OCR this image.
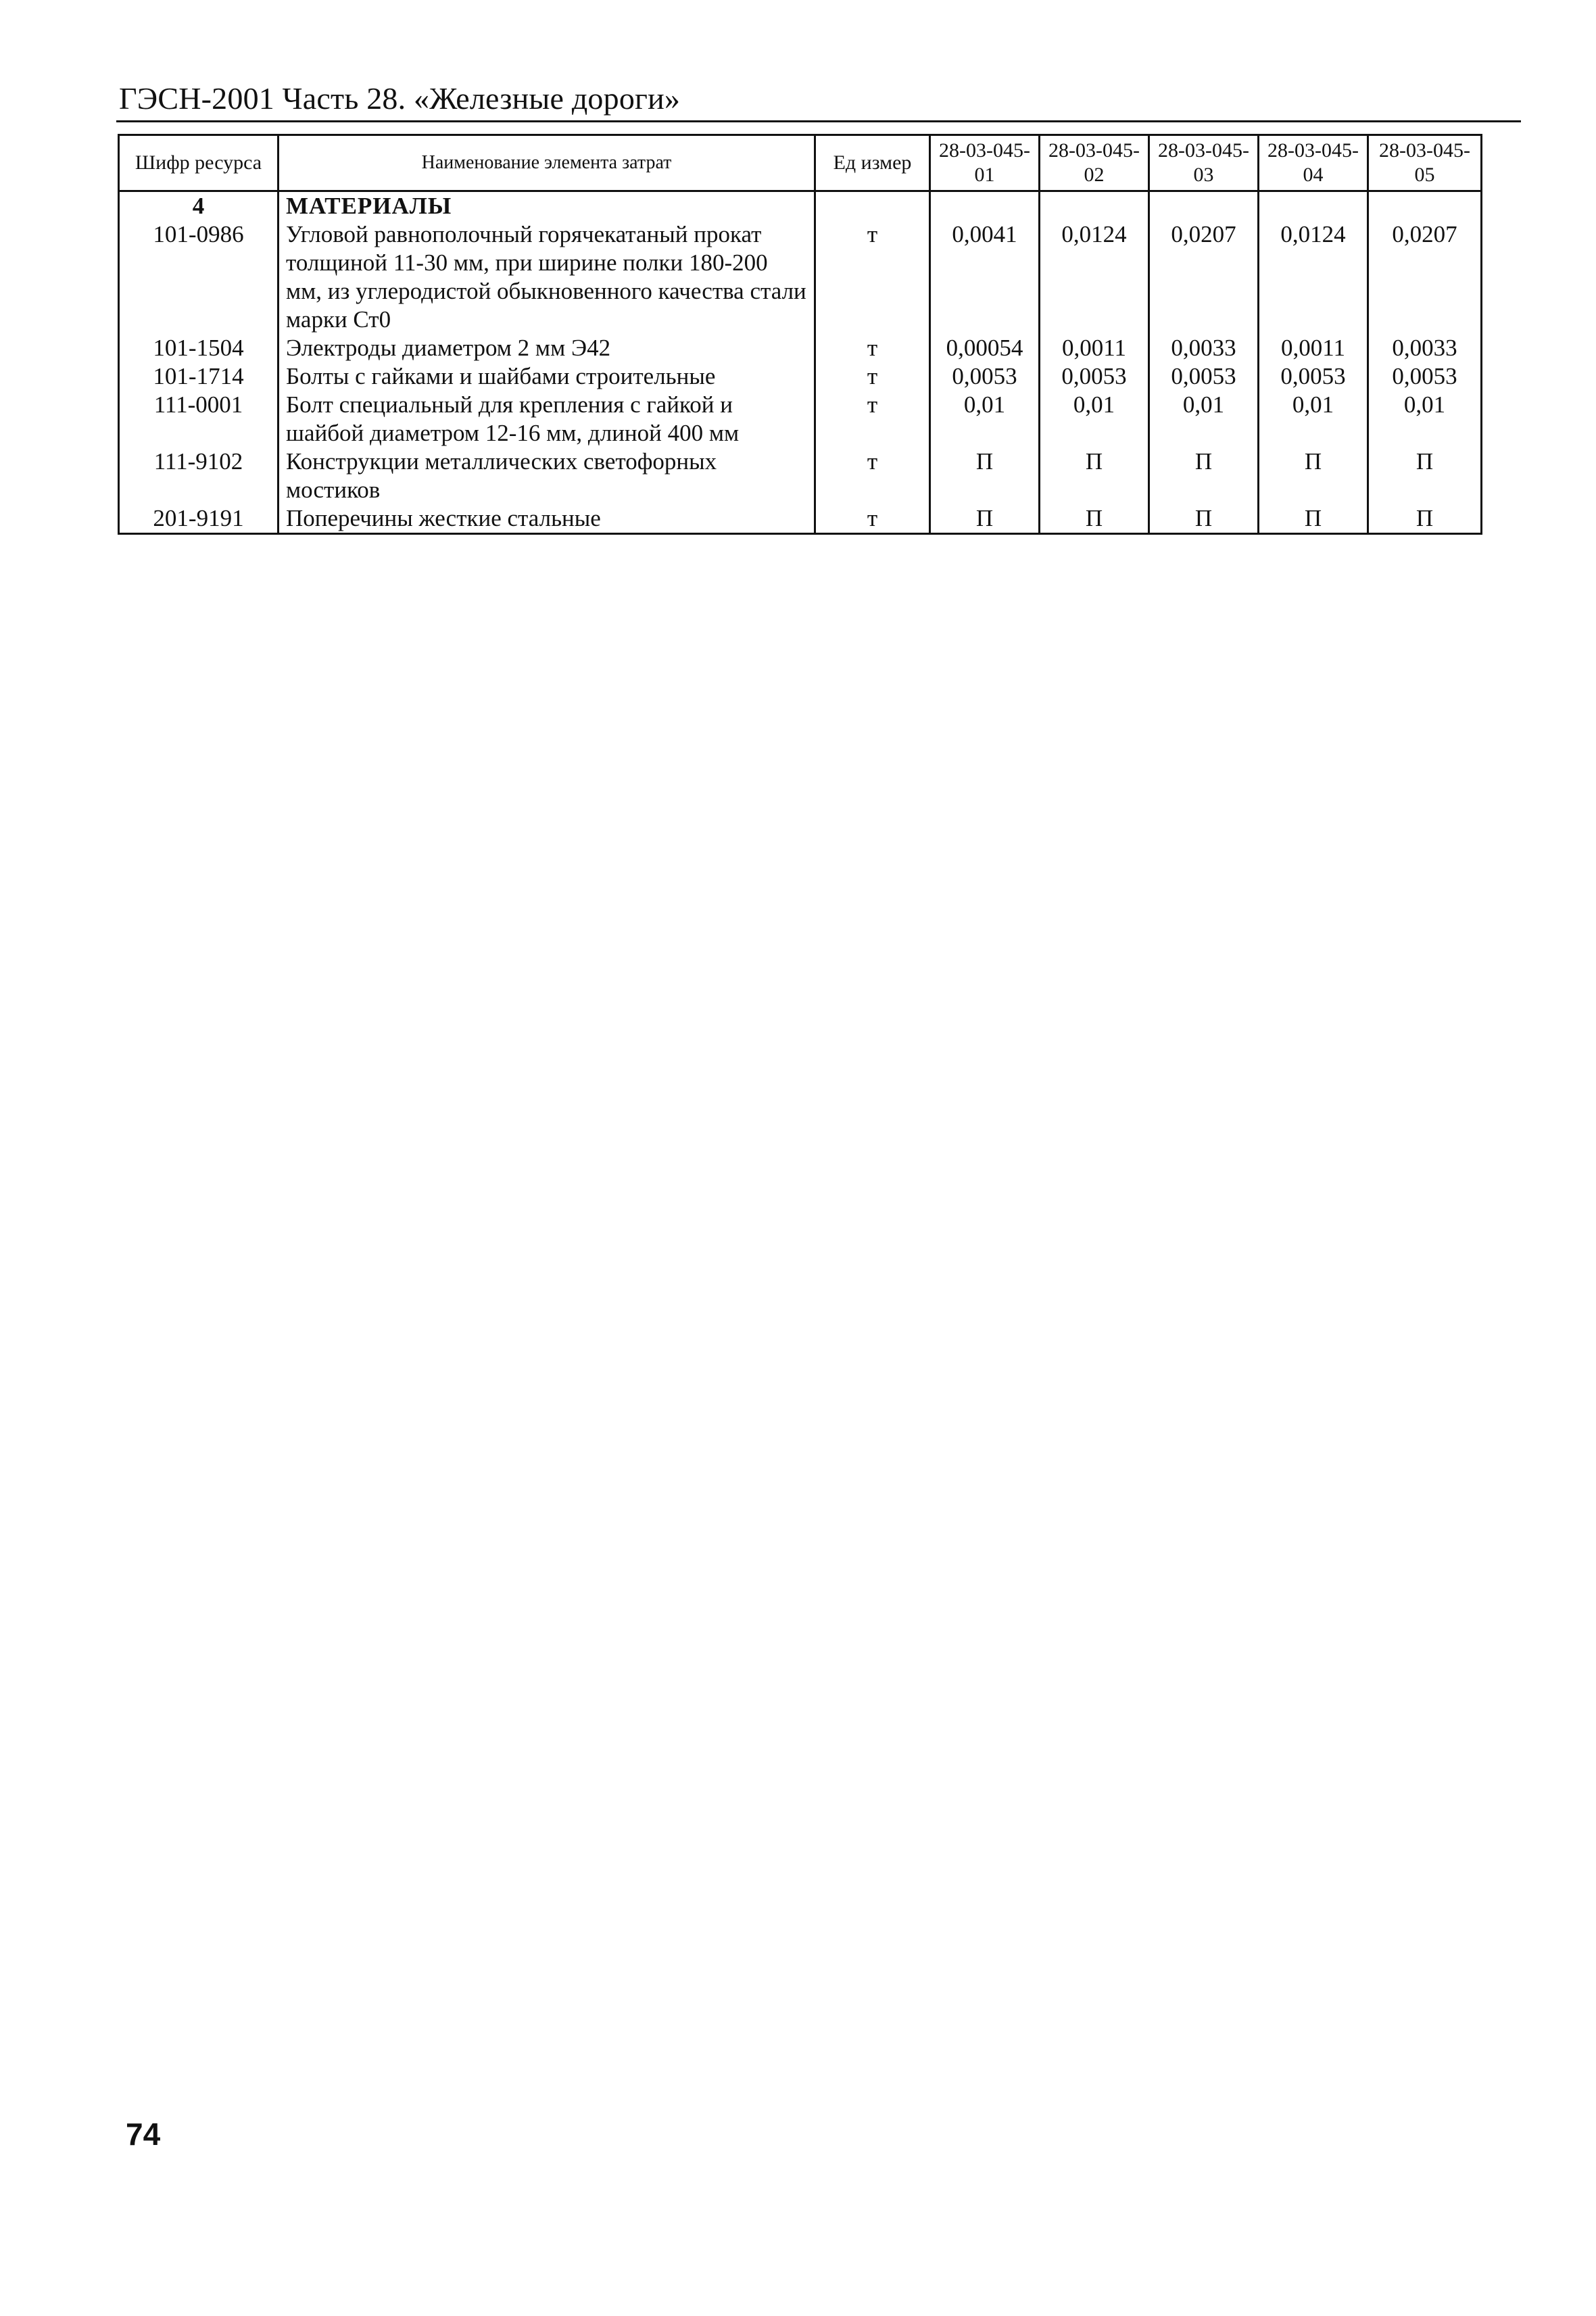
ГЭСН-2001 Часть 28. «Железные дороги»
Шифр ресурса	Наименование элемента затрат	Ед измер	28-03-045-01	28-03-045-02	28-03-045-03	28-03-045-04	28-03-045-05
4	МАТЕРИАЛЫ						
101-0986	Угловой равнополочный горячекатаный прокат толщиной 11-30 мм, при ширине полки 180-200 мм, из углеродистой обыкновенного качества стали марки Ст0	т	0,0041	0,0124	0,0207	0,0124	0,0207
101-1504	Электроды диаметром 2 мм Э42	т	0,00054	0,0011	0,0033	0,0011	0,0033
101-1714	Болты с гайками и шайбами строительные	т	0,0053	0,0053	0,0053	0,0053	0,0053
111-0001	Болт специальный для крепления с гайкой и шайбой диаметром 12-16 мм, длиной 400 мм	т	0,01	0,01	0,01	0,01	0,01
111-9102	Конструкции металлических светофорных мостиков	т	П	П	П	П	П
201-9191	Поперечины жесткие стальные	т	П	П	П	П	П
74
